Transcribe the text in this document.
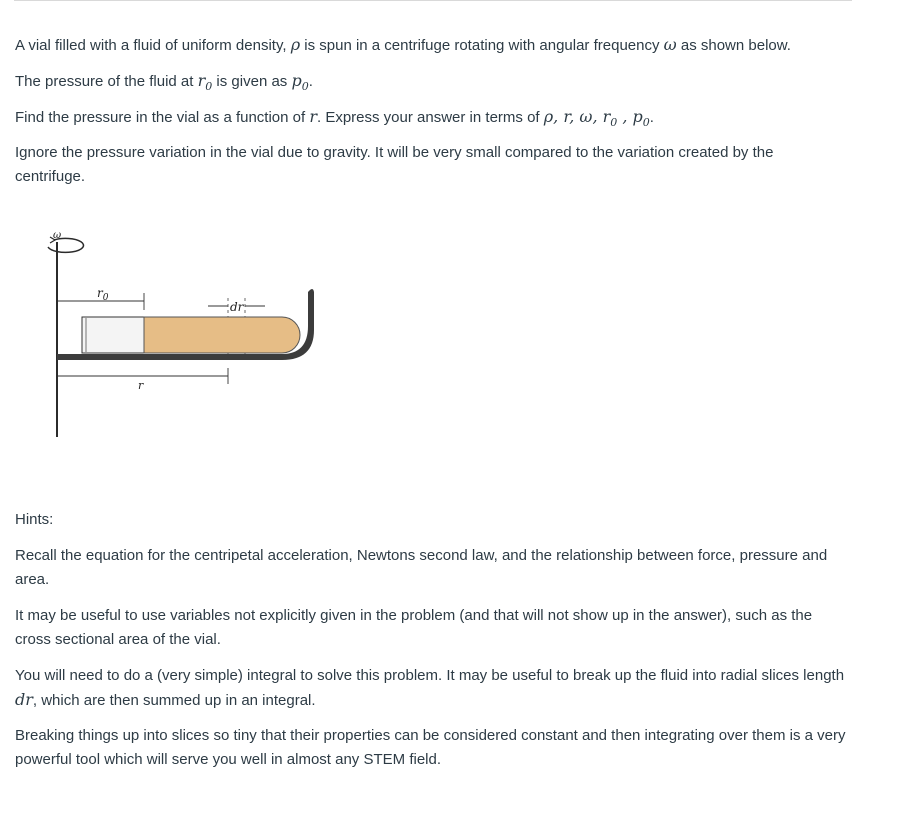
A vial filled with a fluid of uniform density, ρ is spun in a centrifuge rotating with angular frequency ω as shown below.

The pressure of the fluid at $r_0$ is given as $p_0$.

Find the pressure in the vial as a function of r. Express your answer in terms of ρ, r, ω, $r_0$ , $p_0$.

Ignore the pressure variation in the vial due to gravity. It will be very small compared to the variation created by the centrifuge.

ω
$r_0$
dr
r

Hints:

Recall the equation for the centripetal acceleration, Newtons second law, and the relationship between force, pressure and area.

It may be useful to use variables not explicitly given in the problem (and that will not show up in the answer), such as the cross sectional area of the vial.

You will need to do a (very simple) integral to solve this problem. It may be useful to break up the fluid into radial slices length dr, which are then summed up in an integral.

Breaking things up into slices so tiny that their properties can be considered constant and then integrating over them is a very powerful tool which will serve you well in almost any STEM field.
